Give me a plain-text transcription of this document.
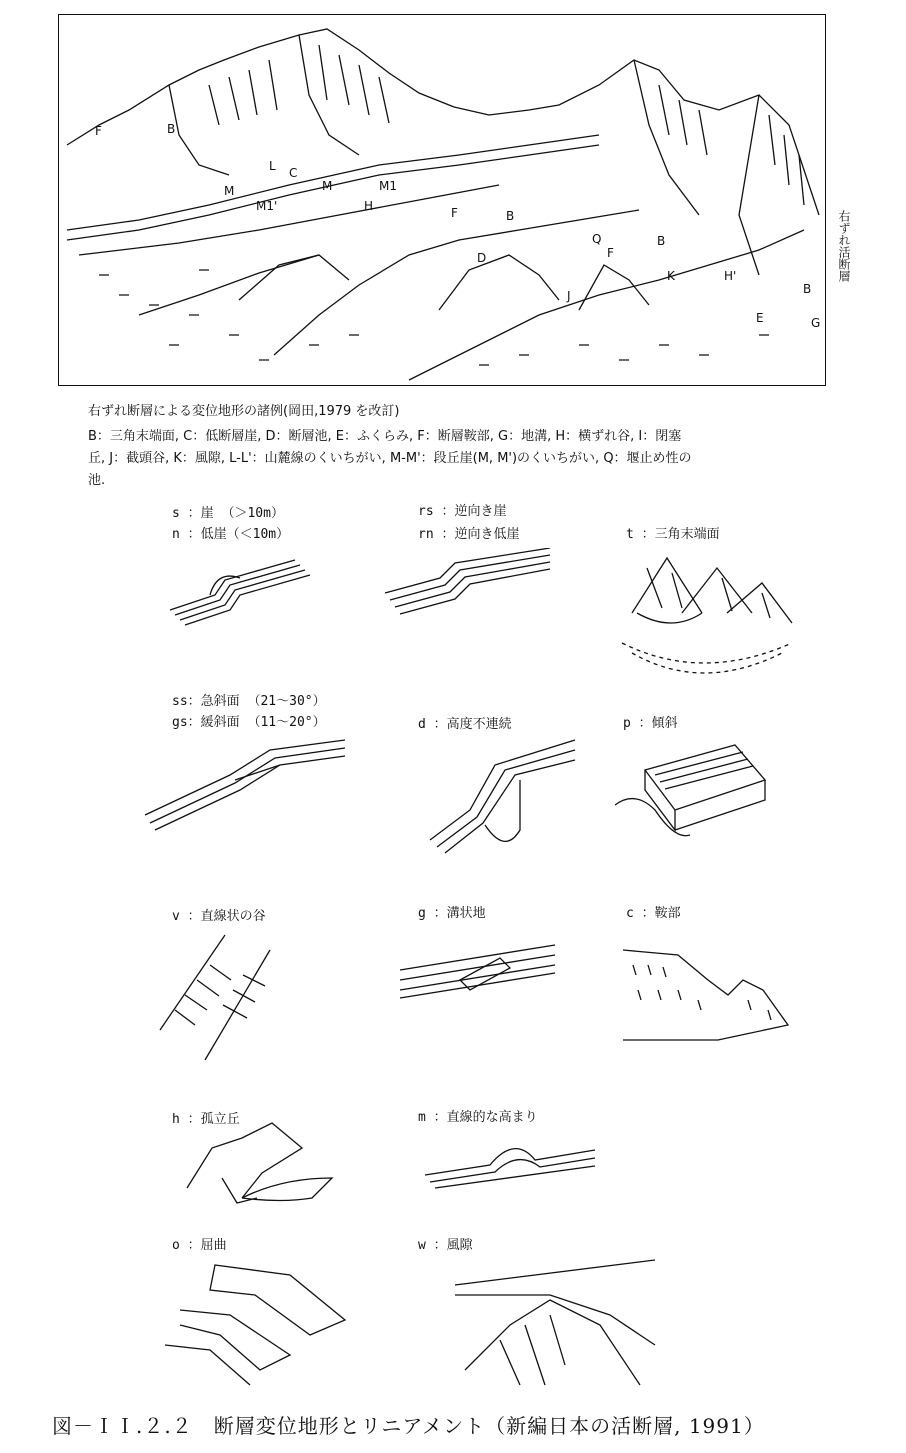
F	B
L C
M	M	M1
M1'	H	F	B
D
Q	B
F
K	H'
J	B
E	G
右ずれ活断層
右ずれ断層による変位地形の諸例(岡田,1979 を改訂)
B：三角末端面, C：低断層崖, D：断層池, E：ふくらみ, F：断層鞍部, G：地溝, H：横ずれ谷, I：閉塞
丘, J：截頭谷, K：風隙, L-L'：山麓線のくいちがい, M-M'：段丘崖(M, M')のくいちがい, Q：堰止め性の
池.
s ：崖 （＞10m）
n ：低崖（＜10m）
rs ：逆向き崖
rn ：逆向き低崖	t ：三角末端面
ss：急斜面 （21～30°）
gs：緩斜面 （11～20°）	d ：高度不連続	p ：傾斜
v ：直線状の谷	g ：溝状地	c ：鞍部
h ：孤立丘	m ：直線的な高まり
o ：屈曲	w ：風隙
図－ＩＩ.２.２　断層変位地形とリニアメント（新編日本の活断層, 1991）
